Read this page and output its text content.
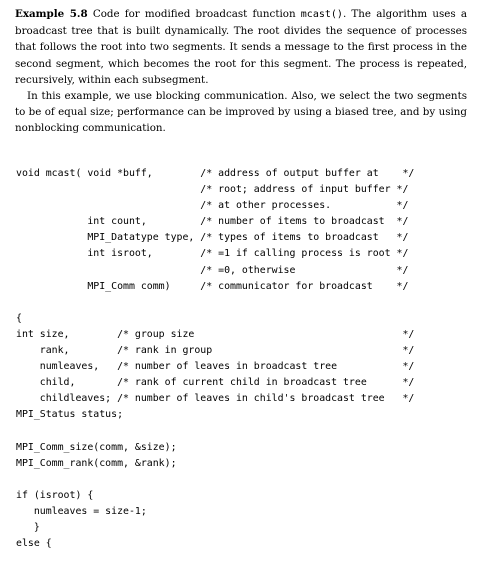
Example 5.8 Code for modified broadcast function mcast(). The algorithm uses a broadcast tree that is built dynamically. The root divides the sequence of processes that follows the root into two segments. It sends a message to the first process in the second segment, which becomes the root for this segment. The process is repeated, recursively, within each subsegment.

In this example, we use blocking communication. Also, we select the two segments to be of equal size; performance can be improved by using a biased tree, and by using nonblocking communication.

void mcast( void *buff,        /* address of output buffer at    */
/* root; address of input buffer */
/* at other processes.           */
int count,         /* number of items to broadcast  */
MPI_Datatype type, /* types of items to broadcast   */
int isroot,        /* =1 if calling process is root */
/* =0, otherwise                 */
MPI_Comm comm)     /* communicator for broadcast    */
{
int size,        /* group size                                   */
rank,        /* rank in group                                */
numleaves,   /* number of leaves in broadcast tree           */
child,       /* rank of current child in broadcast tree      */
childleaves; /* number of leaves in child's broadcast tree   */
MPI_Status status;
MPI_Comm_size(comm, &size);
MPI_Comm_rank(comm, &rank);
if (isroot) {
numleaves = size-1;
}
else {
